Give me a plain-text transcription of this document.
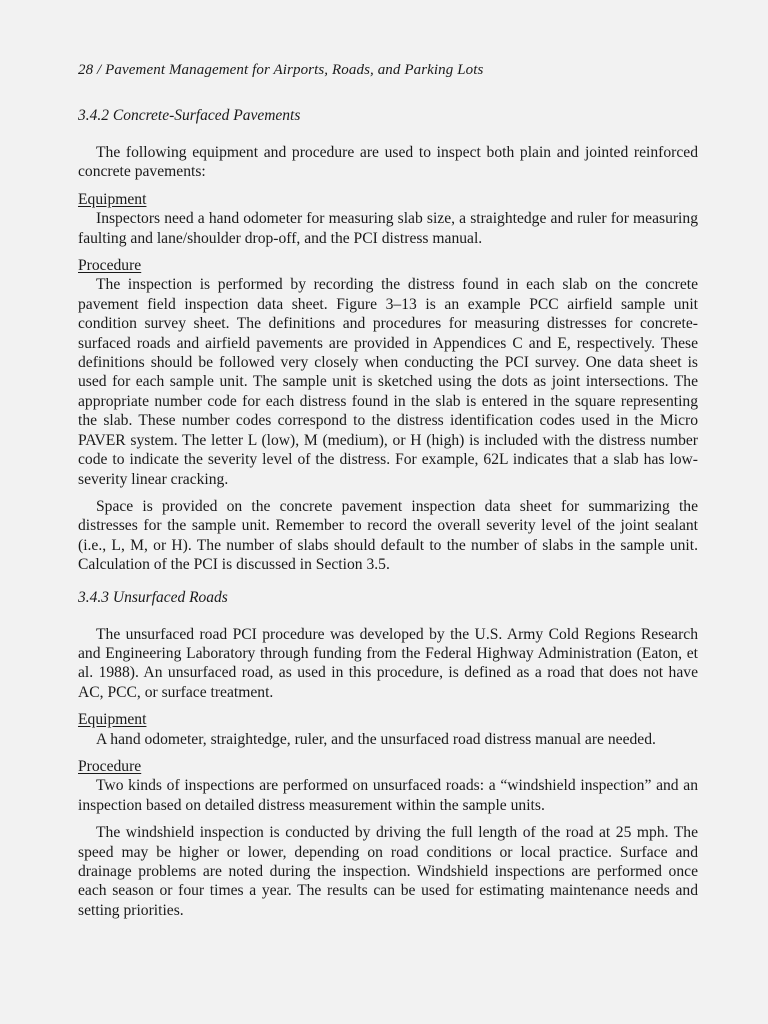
28 / Pavement Management for Airports, Roads, and Parking Lots
3.4.2 Concrete-Surfaced Pavements

The following equipment and procedure are used to inspect both plain and jointed reinforced concrete pavements:

Equipment

Inspectors need a hand odometer for measuring slab size, a straightedge and ruler for measuring faulting and lane/shoulder drop-off, and the PCI distress manual.

Procedure

The inspection is performed by recording the distress found in each slab on the concrete pavement field inspection data sheet. Figure 3–13 is an example PCC airfield sample unit condition survey sheet. The definitions and procedures for measuring distresses for concrete-surfaced roads and airfield pavements are provided in Appendices C and E, respectively. These definitions should be followed very closely when conducting the PCI survey. One data sheet is used for each sample unit. The sample unit is sketched using the dots as joint intersections. The appropriate number code for each distress found in the slab is entered in the square representing the slab. These number codes correspond to the distress identification codes used in the Micro PAVER system. The letter L (low), M (medium), or H (high) is included with the distress number code to indicate the severity level of the distress. For example, 62L indicates that a slab has low-severity linear cracking.

Space is provided on the concrete pavement inspection data sheet for summarizing the distresses for the sample unit. Remember to record the overall severity level of the joint sealant (i.e., L, M, or H). The number of slabs should default to the number of slabs in the sample unit. Calculation of the PCI is discussed in Section 3.5.

3.4.3 Unsurfaced Roads

The unsurfaced road PCI procedure was developed by the U.S. Army Cold Regions Research and Engineering Laboratory through funding from the Federal Highway Administration (Eaton, et al. 1988). An unsurfaced road, as used in this procedure, is defined as a road that does not have AC, PCC, or surface treatment.

Equipment

A hand odometer, straightedge, ruler, and the unsurfaced road distress manual are needed.

Procedure

Two kinds of inspections are performed on unsurfaced roads: a “windshield inspection” and an inspection based on detailed distress measurement within the sample units.

The windshield inspection is conducted by driving the full length of the road at 25 mph. The speed may be higher or lower, depending on road conditions or local practice. Surface and drainage problems are noted during the inspection. Windshield inspections are performed once each season or four times a year. The results can be used for estimating maintenance needs and setting priorities.
